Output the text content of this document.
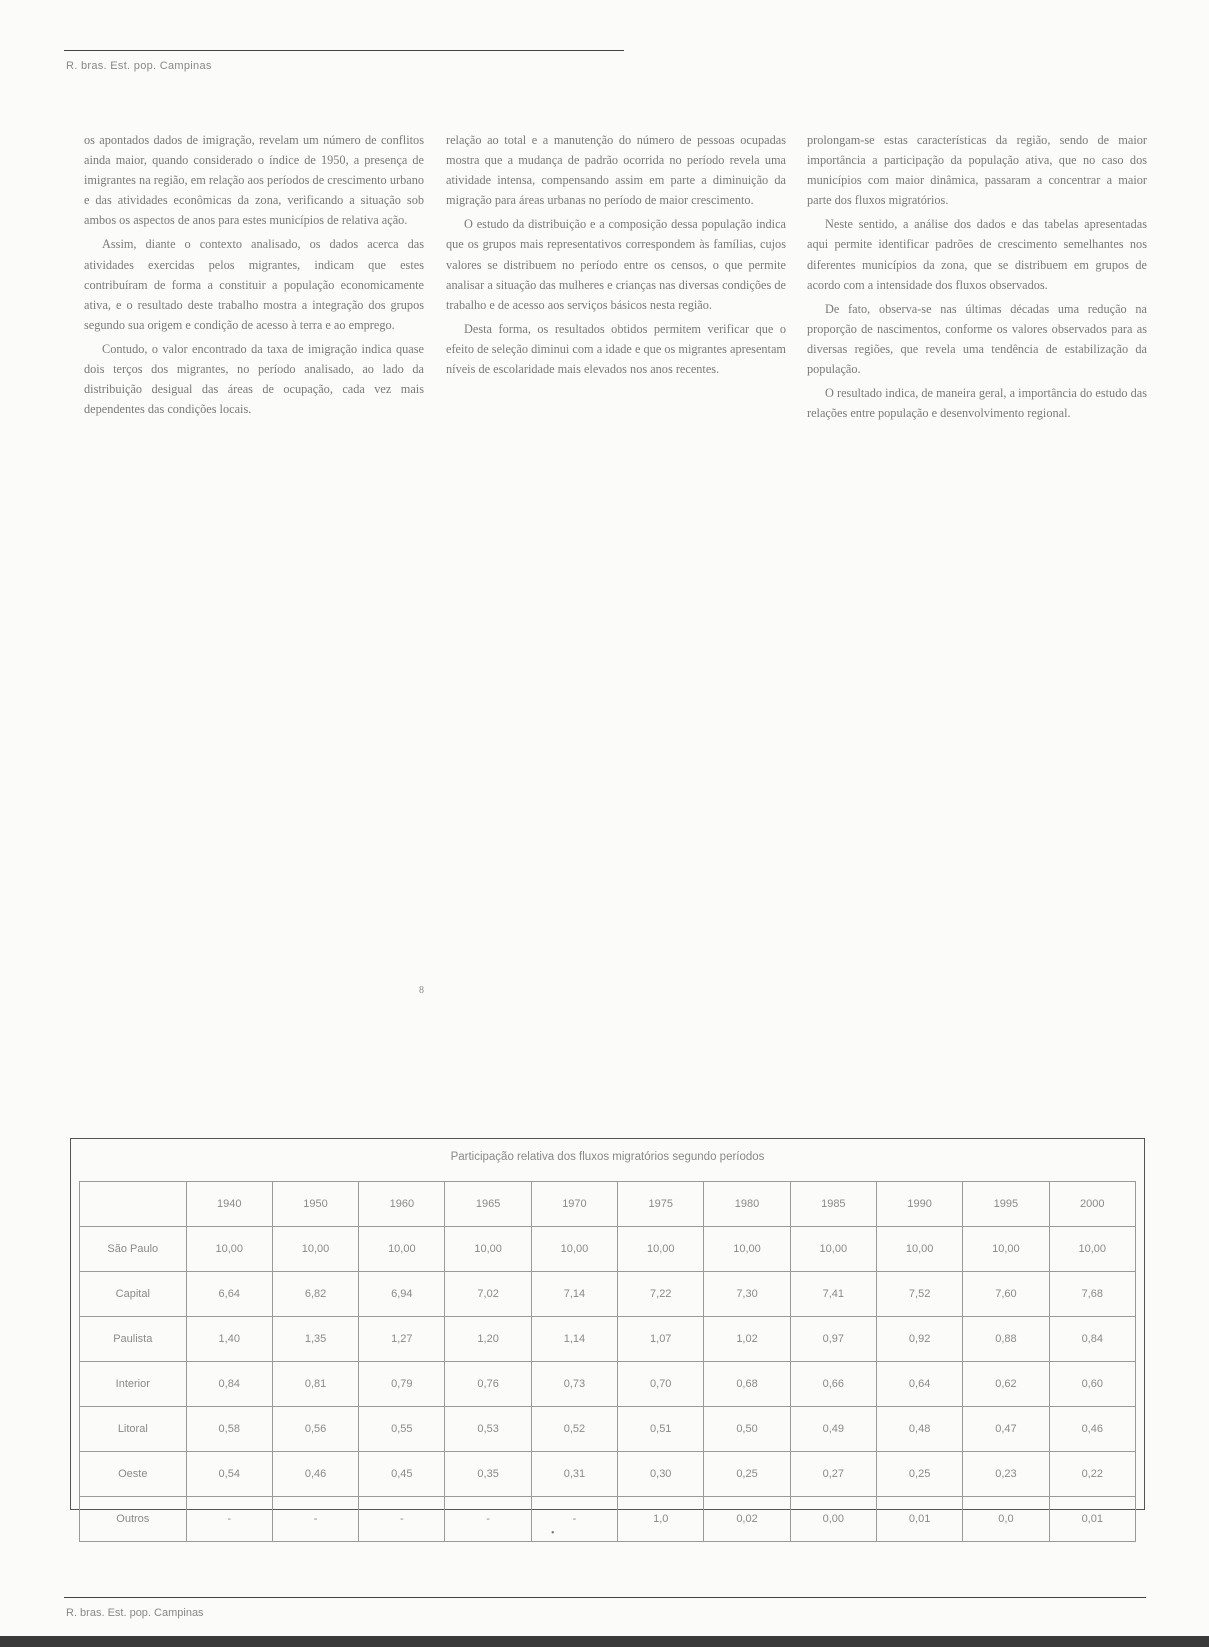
R. bras. Est. pop. Campinas

os apontados dados de imigração, revelam um número de conflitos ainda maior, quando considerado o índice de 1950, a presença de imigrantes na região, em relação aos períodos de crescimento urbano e das atividades econômicas da zona, verificando a situação sob ambos os aspectos de anos para estes municípios de relativa ação.

Assim, diante o contexto analisado, os dados acerca das atividades exercidas pelos migrantes, indicam que estes contribuíram de forma a constituir a população economicamente ativa, e o resultado deste trabalho mostra a integração dos grupos segundo sua origem e condição de acesso à terra e ao emprego.

Contudo, o valor encontrado da taxa de imigração indica quase dois terços dos migrantes, no período analisado, ao lado da distribuição desigual das áreas de ocupação, cada vez mais dependentes das condições locais.

8

relação ao total e a manutenção do número de pessoas ocupadas mostra que a mudança de padrão ocorrida no período revela uma atividade intensa, compensando assim em parte a diminuição da migração para áreas urbanas no período de maior crescimento.

O estudo da distribuição e a composição dessa população indica que os grupos mais representativos correspondem às famílias, cujos valores se distribuem no período entre os censos, o que permite analisar a situação das mulheres e crianças nas diversas condições de trabalho e de acesso aos serviços básicos nesta região.

Desta forma, os resultados obtidos permitem verificar que o efeito de seleção diminui com a idade e que os migrantes apresentam níveis de escolaridade mais elevados nos anos recentes.

prolongam-se estas características da região, sendo de maior importância a participação da população ativa, que no caso dos municípios com maior dinâmica, passaram a concentrar a maior parte dos fluxos migratórios.

Neste sentido, a análise dos dados e das tabelas apresentadas aqui permite identificar padrões de crescimento semelhantes nos diferentes municípios da zona, que se distribuem em grupos de acordo com a intensidade dos fluxos observados.

De fato, observa-se nas últimas décadas uma redução na proporção de nascimentos, conforme os valores observados para as diversas regiões, que revela uma tendência de estabilização da população.

O resultado indica, de maneira geral, a importância do estudo das relações entre população e desenvolvimento regional.

Participação relativa dos fluxos migratórios segundo períodos
	1940	1950	1960	1965	1970	1975	1980	1985	1990	1995	2000
São Paulo	10,00	10,00	10,00	10,00	10,00	10,00	10,00	10,00	10,00	10,00	10,00
Capital	6,64	6,82	6,94	7,02	7,14	7,22	7,30	7,41	7,52	7,60	7,68
Paulista	1,40	1,35	1,27	1,20	1,14	1,07	1,02	0,97	0,92	0,88	0,84
Interior	0,84	0,81	0,79	0,76	0,73	0,70	0,68	0,66	0,64	0,62	0,60
Litoral	0,58	0,56	0,55	0,53	0,52	0,51	0,50	0,49	0,48	0,47	0,46
Oeste	0,54	0,46	0,45	0,35	0,31	0,30	0,25	0,27	0,25	0,23	0,22
Outros	-	-	-	-	-	1,0	0,02	0,00	0,01	0,0	0,01
•
R. bras. Est. pop. Campinas
